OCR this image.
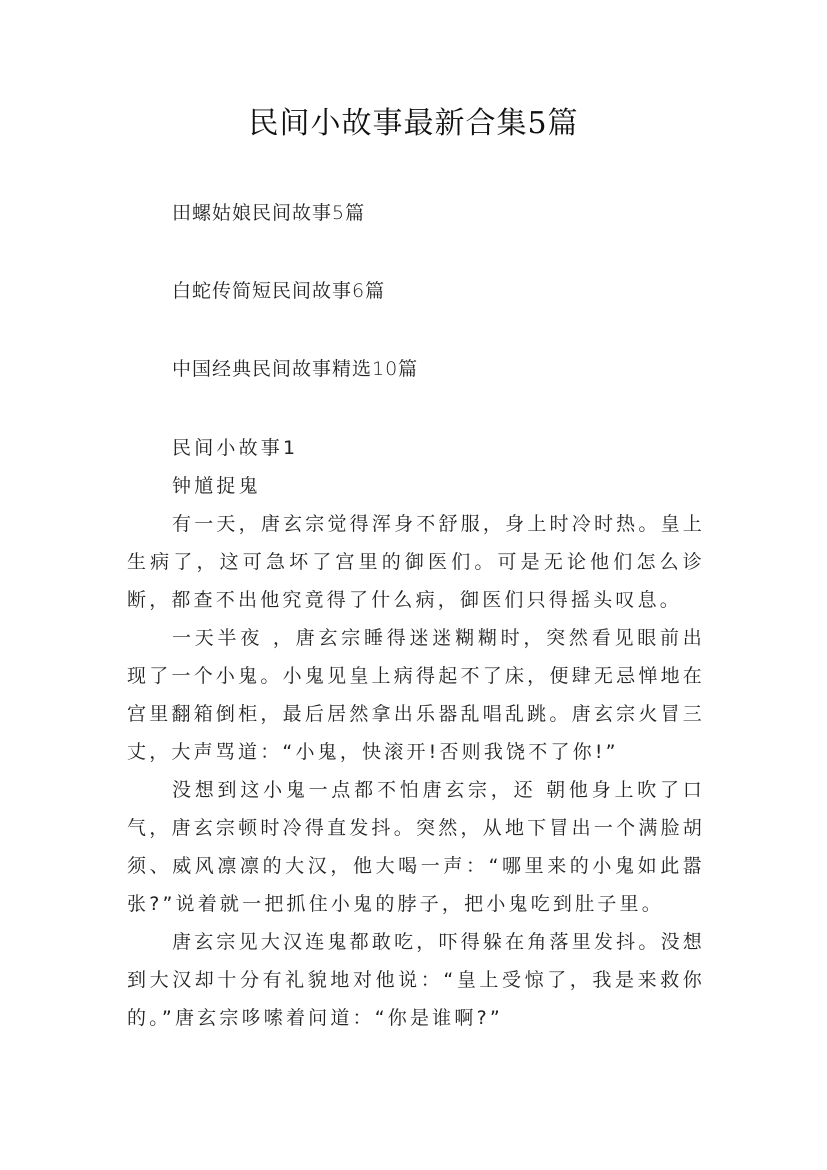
民间小故事最新合集5篇
田螺姑娘民间故事5篇
白蛇传简短民间故事6篇
中国经典民间故事精选10篇
民间小故事1
钟馗捉鬼

有一天，唐玄宗觉得浑身不舒服，身上时冷时热。皇上生病了，这可急坏了宫里的御医们。可是无论他们怎么诊断，都查不出他究竟得了什么病，御医们只得摇头叹息。

一天半夜 ，唐玄宗睡得迷迷糊糊时，突然看见眼前出现了一个小鬼。小鬼见皇上病得起不了床，便肆无忌惮地在宫里翻箱倒柜，最后居然拿出乐器乱唱乱跳。唐玄宗火冒三丈，大声骂道：“小鬼，快滚开!否则我饶不了你!”

没想到这小鬼一点都不怕唐玄宗，还 朝他身上吹了口气，唐玄宗顿时冷得直发抖。突然，从地下冒出一个满脸胡须、威风凛凛的大汉，他大喝一声：“哪里来的小鬼如此嚣张?”说着就一把抓住小鬼的脖子，把小鬼吃到肚子里。

唐玄宗见大汉连鬼都敢吃，吓得躲在角落里发抖。没想到大汉却十分有礼貌地对他说：“皇上受惊了，我是来救你的。”唐玄宗哆嗦着问道：“你是谁啊?”
